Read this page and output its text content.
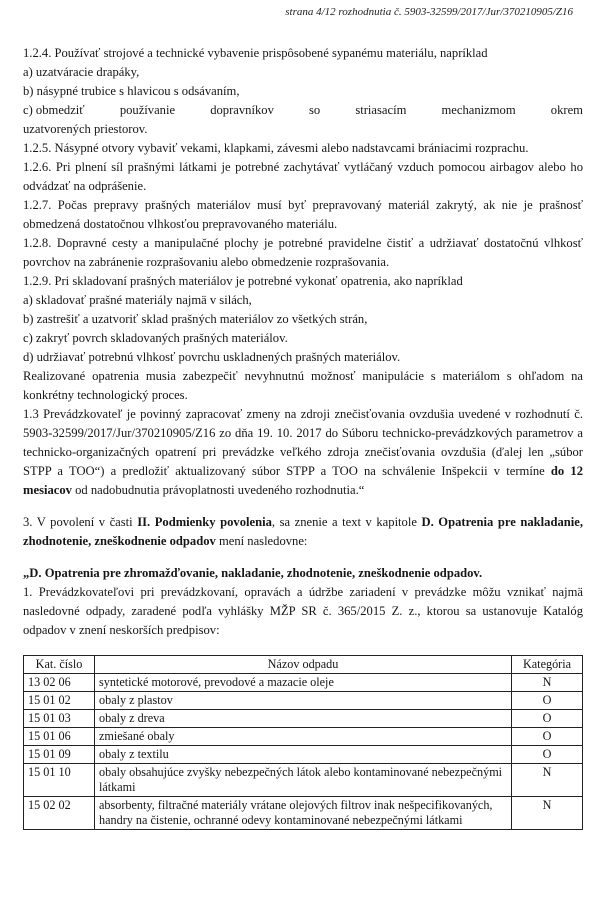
strana 4/12 rozhodnutia č. 5903-32599/2017/Jur/370210905/Z16

1.2.4. Používať strojové a technické vybavenie prispôsobené sypanému materiálu, napríklad

a) uzatváracie drapáky,

b) násypné trubice s hlavicou s odsávaním,

c) obmedziť	používanie	dopravníkov	so	striasacím	mechanizmom	okrem

uzatvorených priestorov.

1.2.5. Násypné otvory vybaviť vekami, klapkami, závesmi alebo nadstavcami brániacimi rozprachu.

1.2.6. Pri plnení síl prašnými látkami je potrebné zachytávať vytláčaný vzduch pomocou airbagov alebo ho odvádzať na odprášenie.

1.2.7. Počas prepravy prašných materiálov musí byť prepravovaný materiál zakrytý, ak nie je prašnosť obmedzená dostatočnou vlhkosťou prepravovaného materiálu.

1.2.8. Dopravné cesty a manipulačné plochy je potrebné pravidelne čistiť a udržiavať dostatočnú vlhkosť povrchov na zabránenie rozprašovaniu alebo obmedzenie rozprašovania.

1.2.9. Pri skladovaní prašných materiálov je potrebné vykonať opatrenia, ako napríklad

a) skladovať prašné materiály najmä v silách,

b) zastrešiť a uzatvoriť sklad prašných materiálov zo všetkých strán,

c) zakryť povrch skladovaných prašných materiálov.

d) udržiavať potrebnú vlhkosť povrchu uskladnených prašných materiálov.

Realizované opatrenia musia zabezpečiť nevyhnutnú možnosť manipulácie s materiálom s ohľadom na konkrétny technologický proces.

1.3 Prevádzkovateľ je povinný zapracovať zmeny na zdroji znečisťovania ovzdušia uvedené v rozhodnutí č. 5903-32599/2017/Jur/370210905/Z16 zo dňa 19. 10. 2017 do Súboru technicko-prevádzkových parametrov a technicko-organizačných opatrení pri prevádzke veľkého zdroja znečisťovania ovzdušia (ďalej len „súbor STPP a TOO“) a predložiť aktualizovaný súbor STPP a TOO na schválenie Inšpekcii v termíne do 12 mesiacov od nadobudnutia právoplatnosti uvedeného rozhodnutia.“

3. V povolení v časti II. Podmienky povolenia, sa znenie a text v kapitole D. Opatrenia pre nakladanie, zhodnotenie, zneškodnenie odpadov mení nasledovne:

„D. Opatrenia pre zhromažďovanie, nakladanie, zhodnotenie, zneškodnenie odpadov.

1. Prevádzkovateľovi pri prevádzkovaní, opravách a údržbe zariadení v prevádzke môžu vznikať najmä nasledovné odpady, zaradené podľa vyhlášky MŽP SR č. 365/2015 Z. z., ktorou sa ustanovuje Katalóg odpadov v znení neskorších predpisov:

Kat. číslo	Názov odpadu	Kategória
13 02 06	syntetické motorové, prevodové a mazacie oleje	N
15 01 02	obaly z plastov	O
15 01 03	obaly z dreva	O
15 01 06	zmiešané obaly	O
15 01 09	obaly z textilu	O
15 01 10	obaly obsahujúce zvyšky nebezpečných látok alebo kontaminované nebezpečnými látkami	N
15 02 02	absorbenty, filtračné materiály vrátane olejových filtrov inak nešpecifikovaných, handry na čistenie, ochranné odevy kontaminované nebezpečnými látkami	N
